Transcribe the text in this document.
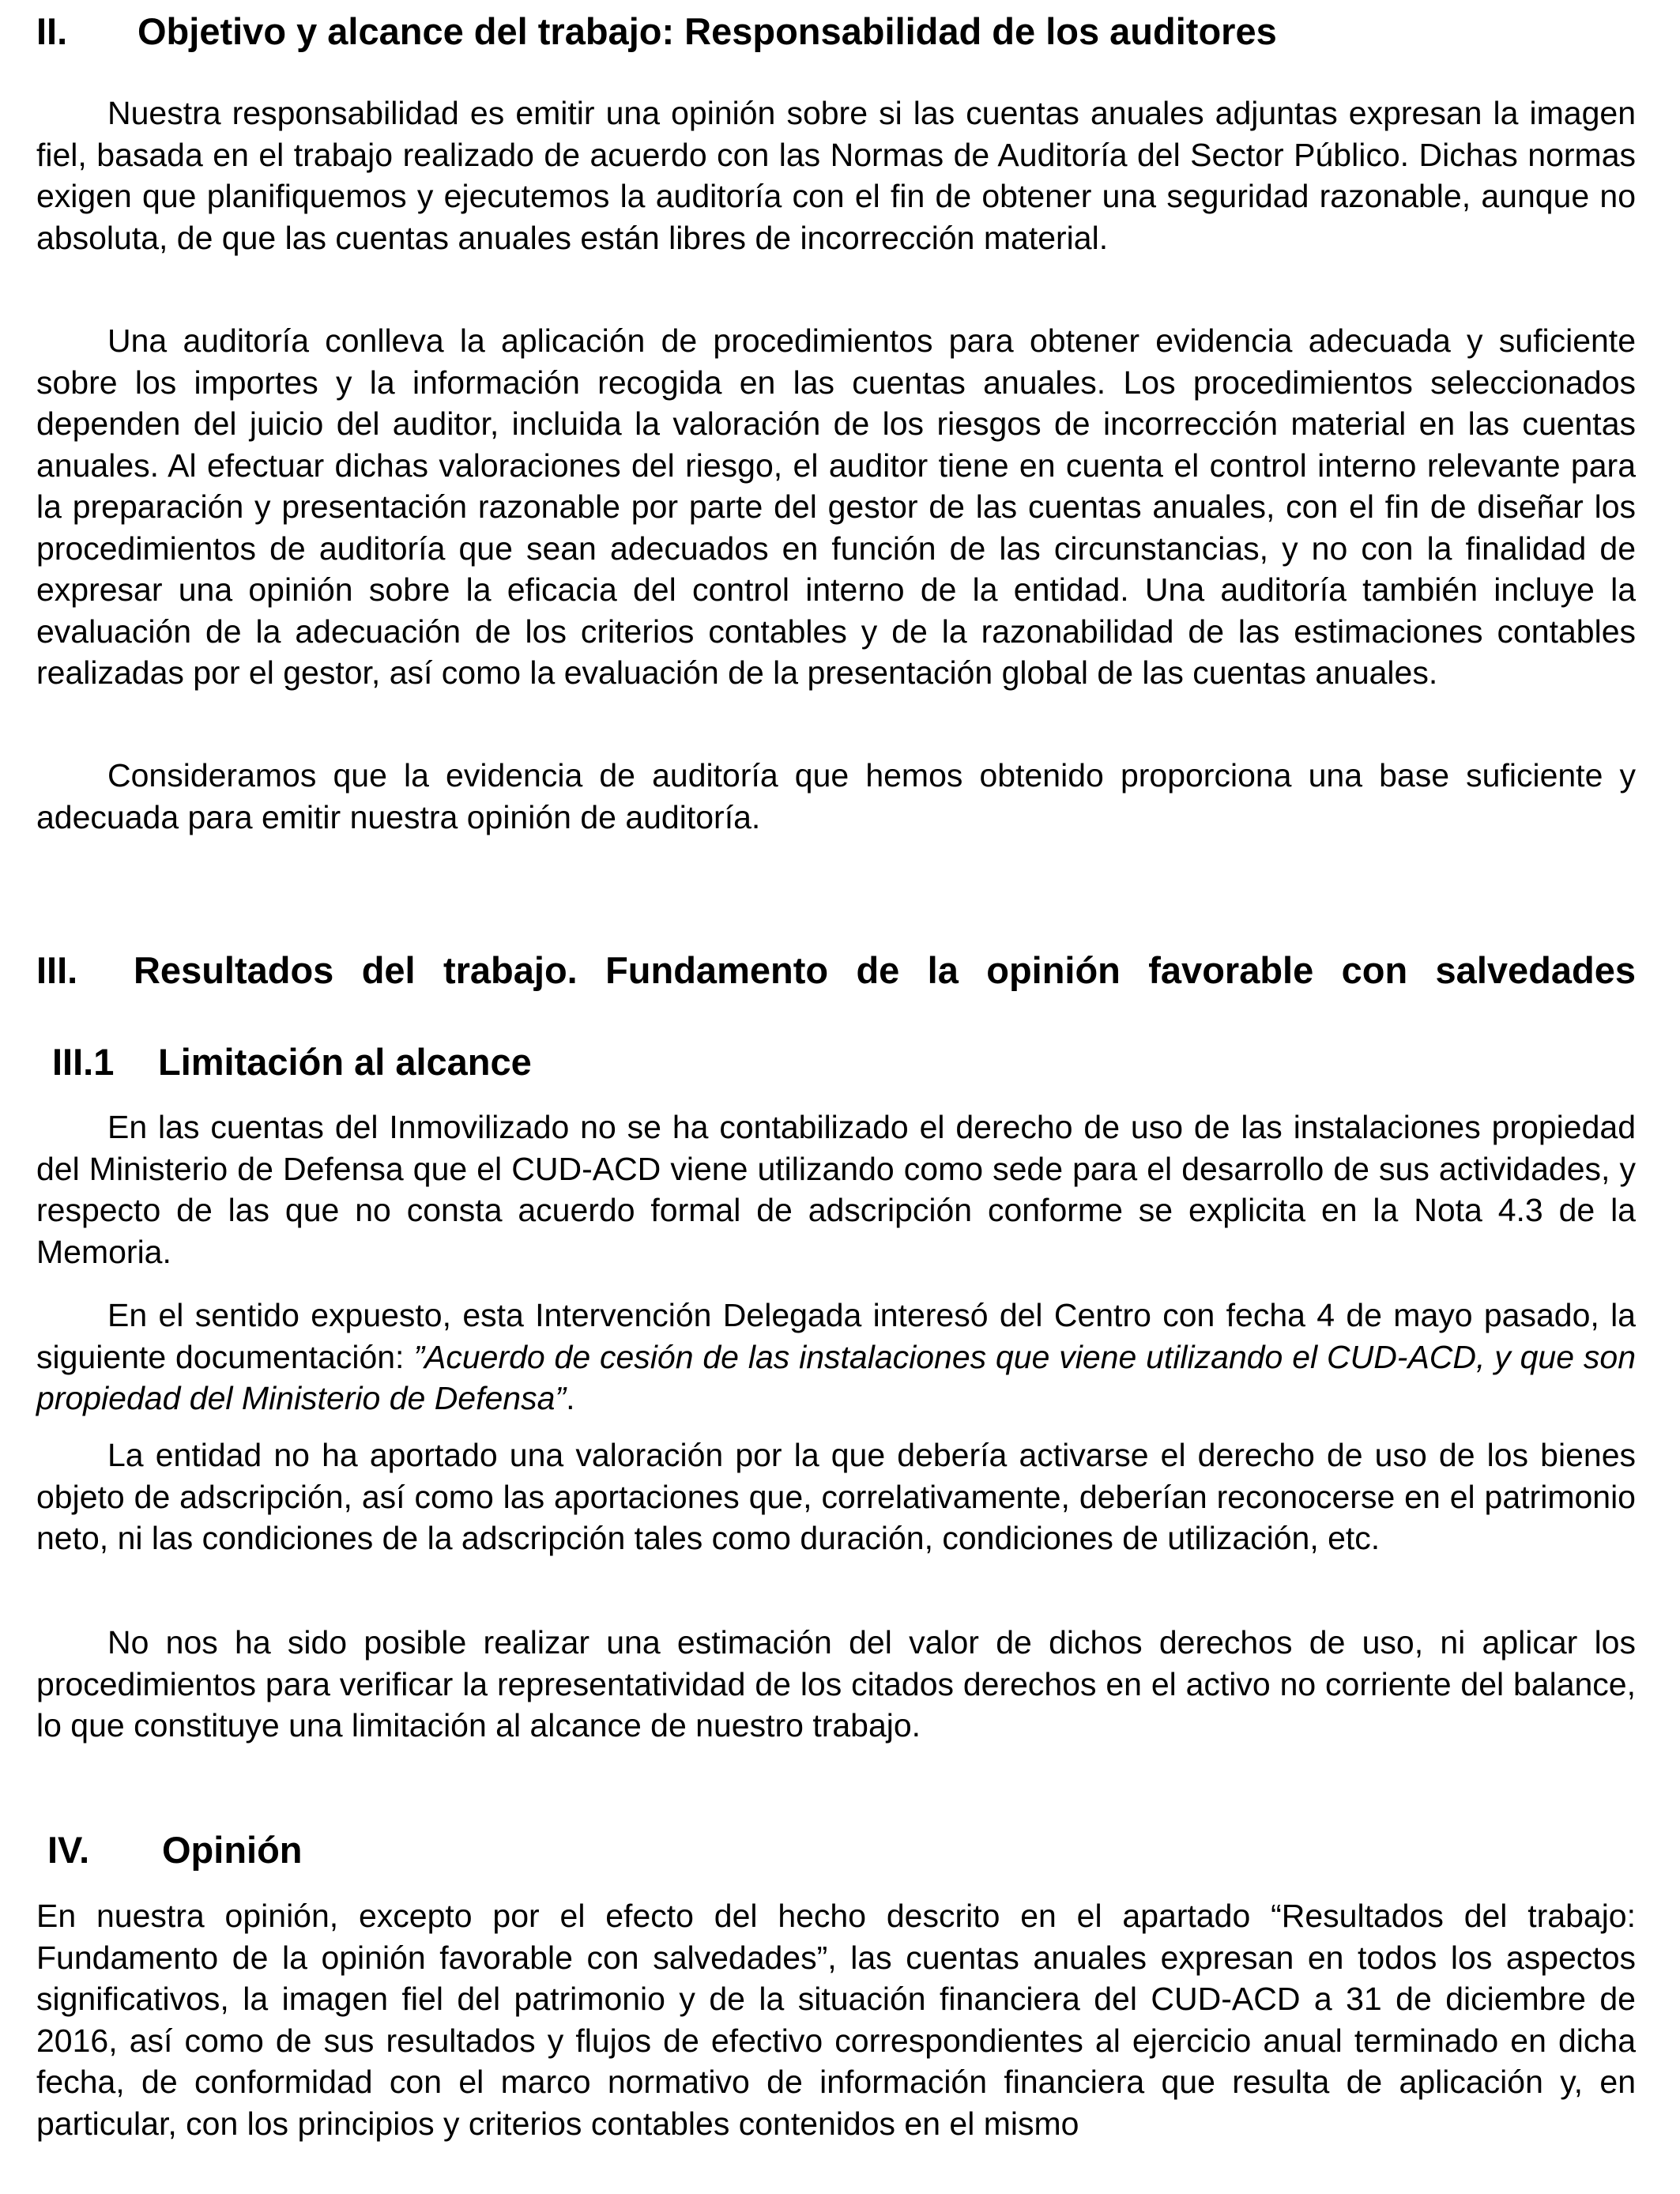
II. Objetivo y alcance del trabajo: Responsabilidad de los auditores

Nuestra responsabilidad es emitir una opinión sobre si las cuentas anuales adjuntas expresan la imagen fiel, basada en el trabajo realizado de acuerdo con las Normas de Auditoría del Sector Público. Dichas normas exigen que planifiquemos y ejecutemos la auditoría con el fin de obtener una seguridad razonable, aunque no absoluta, de que las cuentas anuales están libres de incorrección material.

Una auditoría conlleva la aplicación de procedimientos para obtener evidencia adecuada y suficiente sobre los importes y la información recogida en las cuentas anuales. Los procedimientos seleccionados dependen del juicio del auditor, incluida la valoración de los riesgos de incorrección material en las cuentas anuales. Al efectuar dichas valoraciones del riesgo, el auditor tiene en cuenta el control interno relevante para la preparación y presentación razonable por parte del gestor de las cuentas anuales, con el fin de diseñar los procedimientos de auditoría que sean adecuados en función de las circunstancias, y no con la finalidad de expresar una opinión sobre la eficacia del control interno de la entidad. Una auditoría también incluye la evaluación de la adecuación de los criterios contables y de la razonabilidad de las estimaciones contables realizadas por el gestor, así como la evaluación de la presentación global de las cuentas anuales.

Consideramos que la evidencia de auditoría que hemos obtenido proporciona una base suficiente y adecuada para emitir nuestra opinión de auditoría.

III. Resultados del trabajo. Fundamento de la opinión favorable con salvedades
III.1 Limitación al alcance

En las cuentas del Inmovilizado no se ha contabilizado el derecho de uso de las instalaciones propiedad del Ministerio de Defensa que el CUD-ACD viene utilizando como sede para el desarrollo de sus actividades, y respecto de las que no consta acuerdo formal de adscripción conforme se explicita en la Nota 4.3 de la Memoria.

En el sentido expuesto, esta Intervención Delegada interesó del Centro con fecha 4 de mayo pasado, la siguiente documentación: ”Acuerdo de cesión de las instalaciones que viene utilizando el CUD-ACD, y que son propiedad del Ministerio de Defensa”.

La entidad no ha aportado una valoración por la que debería activarse el derecho de uso de los bienes objeto de adscripción, así como las aportaciones que, correlativamente, deberían reconocerse en el patrimonio neto, ni las condiciones de la adscripción tales como duración, condiciones de utilización, etc.

No nos ha sido posible realizar una estimación del valor de dichos derechos de uso, ni aplicar los procedimientos para verificar la representatividad de los citados derechos en el activo no corriente del balance, lo que constituye una limitación al alcance de nuestro trabajo.

IV. Opinión

En nuestra opinión, excepto por el efecto del hecho descrito en el apartado “Resultados del trabajo: Fundamento de la opinión favorable con salvedades”, las cuentas anuales expresan en todos los aspectos significativos, la imagen fiel del patrimonio y de la situación financiera del CUD-ACD a 31 de diciembre de 2016, así como de sus resultados y flujos de efectivo correspondientes al ejercicio anual terminado en dicha fecha, de conformidad con el marco normativo de información financiera que resulta de aplicación y, en particular, con los principios y criterios contables contenidos en el mismo
